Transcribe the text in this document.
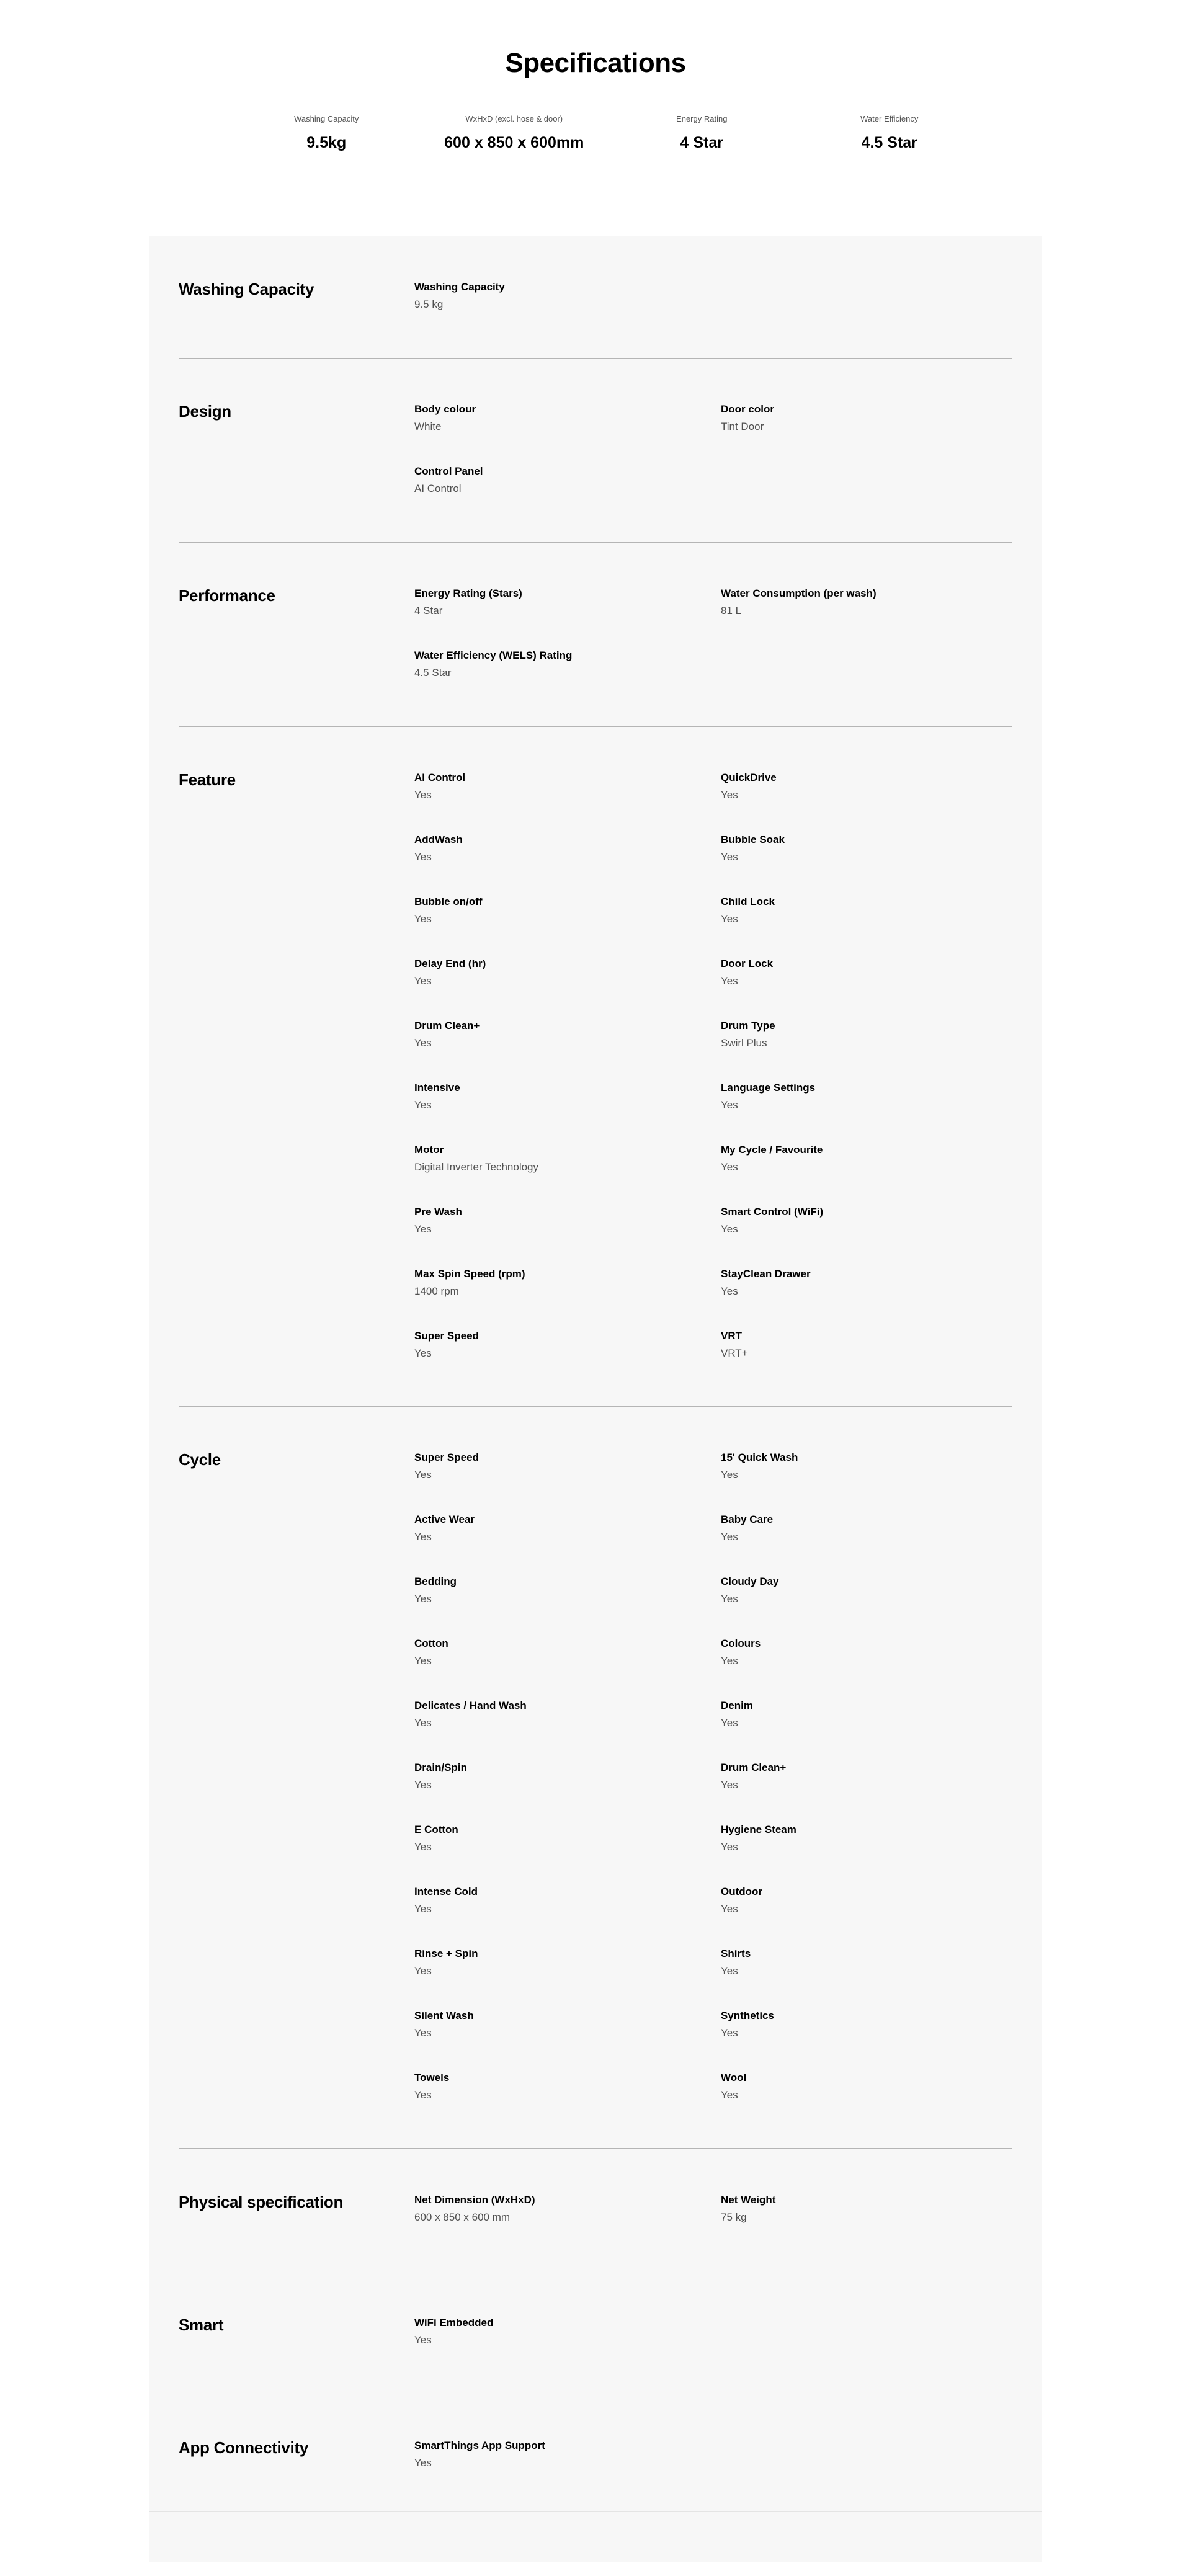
Specifications
Washing Capacity
9.5kg
WxHxD (excl. hose & door)
600 x 850 x 600mm
Energy Rating
4 Star
Water Efficiency
4.5 Star
Washing Capacity	Washing Capacity
9.5 kg
Design	Body colour
White
Door color
Tint Door
Control Panel
AI Control
Performance	Energy Rating (Stars)
4 Star
Water Consumption (per wash)
81 L
Water Efficiency (WELS) Rating
4.5 Star
Feature	AI Control
Yes
QuickDrive
Yes
AddWash
Yes
Bubble Soak
Yes
Bubble on/off
Yes
Child Lock
Yes
Delay End (hr)
Yes
Door Lock
Yes
Drum Clean+
Yes
Drum Type
Swirl Plus
Intensive
Yes
Language Settings
Yes
Motor
Digital Inverter Technology
My Cycle / Favourite
Yes
Pre Wash
Yes
Smart Control (WiFi)
Yes
Max Spin Speed (rpm)
1400 rpm
StayClean Drawer
Yes
Super Speed
Yes
VRT
VRT+
Cycle	Super Speed
Yes
15' Quick Wash
Yes
Active Wear
Yes
Baby Care
Yes
Bedding
Yes
Cloudy Day
Yes
Cotton
Yes
Colours
Yes
Delicates / Hand Wash
Yes
Denim
Yes
Drain/Spin
Yes
Drum Clean+
Yes
E Cotton
Yes
Hygiene Steam
Yes
Intense Cold
Yes
Outdoor
Yes
Rinse + Spin
Yes
Shirts
Yes
Silent Wash
Yes
Synthetics
Yes
Towels
Yes
Wool
Yes
Physical specification	Net Dimension (WxHxD)
600 x 850 x 600 mm
Net Weight
75 kg
Smart	WiFi Embedded
Yes
App Connectivity	SmartThings App Support
Yes
